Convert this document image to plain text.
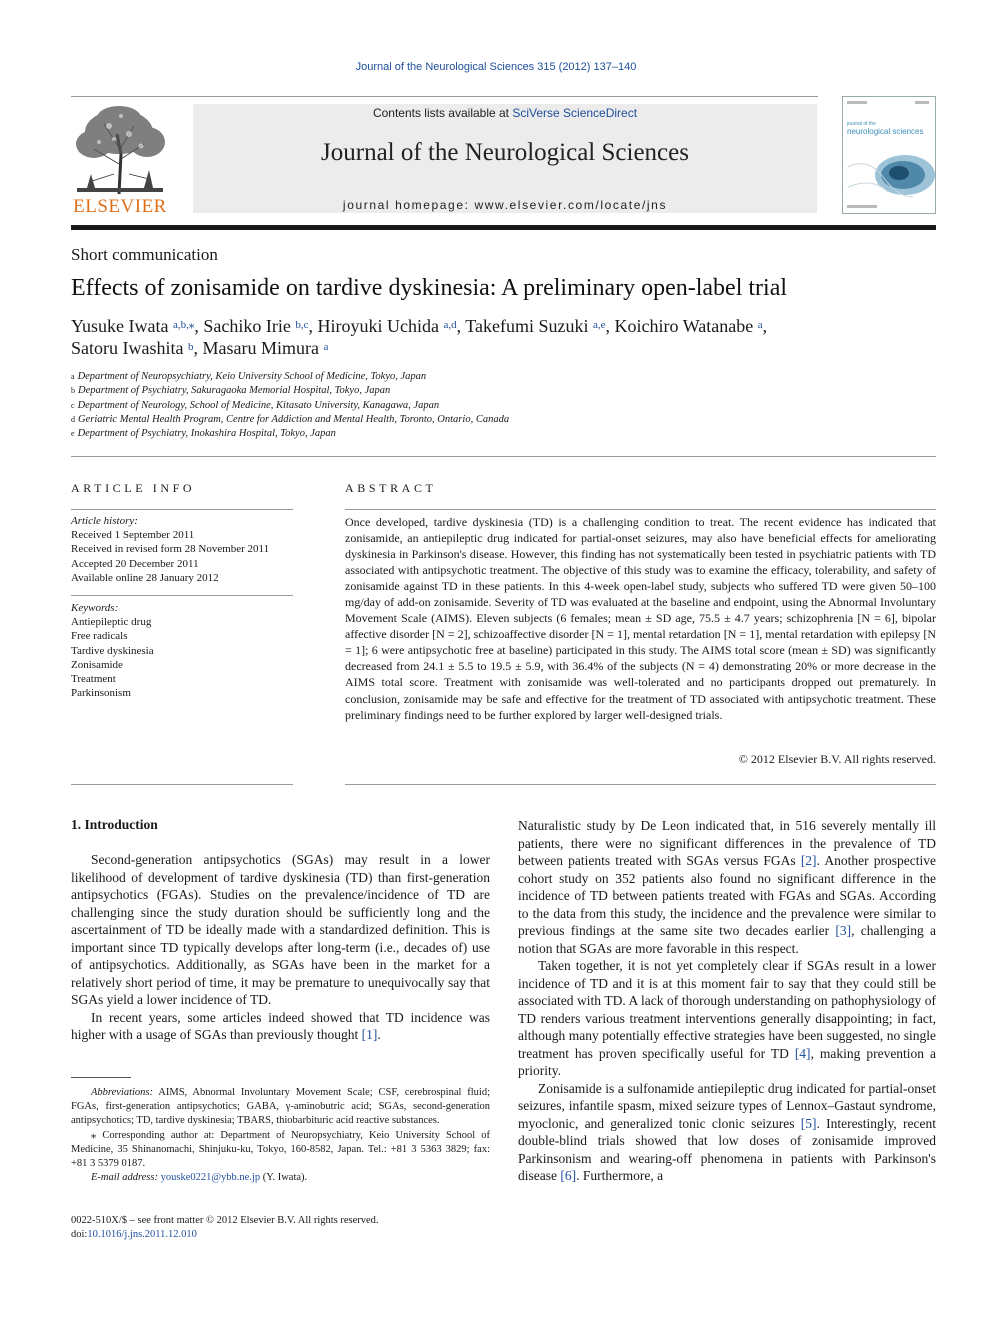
Journal of the Neurological Sciences 315 (2012) 137–140
ELSEVIER
Contents lists available at SciVerse ScienceDirect
Journal of the Neurological Sciences
journal homepage: www.elsevier.com/locate/jns
journal of the
neurological sciences
Short communication
Effects of zonisamide on tardive dyskinesia: A preliminary open-label trial
Yusuke Iwata $^{a,b,⁎}$, Sachiko Irie $^{b,c}$, Hiroyuki Uchida $^{a,d}$, Takefumi Suzuki $^{a,e}$, Koichiro Watanabe $^a$,
Satoru Iwashita $^b$, Masaru Mimura $^a$
$^a$ Department of Neuropsychiatry, Keio University School of Medicine, Tokyo, Japan
$^b$ Department of Psychiatry, Sakuragaoka Memorial Hospital, Tokyo, Japan
$^c$ Department of Neurology, School of Medicine, Kitasato University, Kanagawa, Japan
$^d$ Geriatric Mental Health Program, Centre for Addiction and Mental Health, Toronto, Ontario, Canada
$^e$ Department of Psychiatry, Inokashira Hospital, Tokyo, Japan
ARTICLE INFO
Article history:
Received 1 September 2011
Received in revised form 28 November 2011
Accepted 20 December 2011
Available online 28 January 2012
Keywords:
Antiepileptic drug
Free radicals
Tardive dyskinesia
Zonisamide
Treatment
Parkinsonism
ABSTRACT
Once developed, tardive dyskinesia (TD) is a challenging condition to treat. The recent evidence has indicated that zonisamide, an antiepileptic drug indicated for partial-onset seizures, may also have beneficial effects for ameliorating dyskinesia in Parkinson's disease. However, this finding has not systematically been tested in psychiatric patients with TD associated with antipsychotic treatment. The objective of this study was to examine the efficacy, tolerability, and safety of zonisamide against TD in these patients. In this 4-week open-label study, subjects who suffered TD were given 50–100 mg/day of add-on zonisamide. Severity of TD was evaluated at the baseline and endpoint, using the Abnormal Involuntary Movement Scale (AIMS). Eleven subjects (6 females; mean ± SD age, 75.5 ± 4.7 years; schizophrenia [N = 6], bipolar affective disorder [N = 2], schizoaffective disorder [N = 1], mental retardation [N = 1], mental retardation with epilepsy [N = 1]; 6 were antipsychotic free at baseline) participated in this study. The AIMS total score (mean ± SD) was significantly decreased from 24.1 ± 5.5 to 19.5 ± 5.9, with 36.4% of the subjects (N = 4) demonstrating 20% or more decrease in the AIMS total score. Treatment with zonisamide was well-tolerated and no participants dropped out prematurely. In conclusion, zonisamide may be safe and effective for the treatment of TD associated with antipsychotic treatment. These preliminary findings need to be further explored by larger well-designed trials.
© 2012 Elsevier B.V. All rights reserved.
1. Introduction

Second-generation antipsychotics (SGAs) may result in a lower likelihood of development of tardive dyskinesia (TD) than first-generation antipsychotics (FGAs). Studies on the prevalence/incidence of TD are challenging since the study duration should be sufficiently long and the ascertainment of TD be ideally made with a standardized definition. This is important since TD typically develops after long-term (i.e., decades of) use of antipsychotics. Additionally, as SGAs have been in the market for a relatively short period of time, it may be premature to unequivocally say that SGAs yield a lower incidence of TD.

In recent years, some articles indeed showed that TD incidence was higher with a usage of SGAs than previously thought [1].

Naturalistic study by De Leon indicated that, in 516 severely mentally ill patients, there were no significant differences in the prevalence of TD between patients treated with SGAs versus FGAs [2]. Another prospective cohort study on 352 patients also found no significant difference in the incidence of TD between patients treated with FGAs and SGAs. According to the data from this study, the incidence and the prevalence were similar to previous findings at the same site two decades earlier [3], challenging a notion that SGAs are more favorable in this respect.

Taken together, it is not yet completely clear if SGAs result in a lower incidence of TD and it is at this moment fair to say that they could still be associated with TD. A lack of thorough understanding on pathophysiology of TD renders various treatment interventions generally disappointing; in fact, although many potentially effective strategies have been suggested, no single treatment has proven specifically useful for TD [4], making prevention a priority.

Zonisamide is a sulfonamide antiepileptic drug indicated for partial-onset seizures, infantile spasm, mixed seizure types of Lennox–Gastaut syndrome, myoclonic, and generalized tonic clonic seizures [5]. Interestingly, recent double-blind trials showed that low doses of zonisamide improved Parkinsonism and wearing-off phenomena in patients with Parkinson's disease [6]. Furthermore, a

Abbreviations: AIMS, Abnormal Involuntary Movement Scale; CSF, cerebrospinal fluid; FGAs, first-generation antipsychotics; GABA, γ-aminobutric acid; SGAs, second-generation antipsychotics; TD, tardive dyskinesia; TBARS, thiobarbituric acid reactive substances.

⁎ Corresponding author at: Department of Neuropsychiatry, Keio University School of Medicine, 35 Shinanomachi, Shinjuku-ku, Tokyo, 160-8582, Japan. Tel.: +81 3 5363 3829; fax: +81 3 5379 0187.

E-mail address: youske0221@ybb.ne.jp (Y. Iwata).

0022-510X/$ – see front matter © 2012 Elsevier B.V. All rights reserved.
doi:10.1016/j.jns.2011.12.010
